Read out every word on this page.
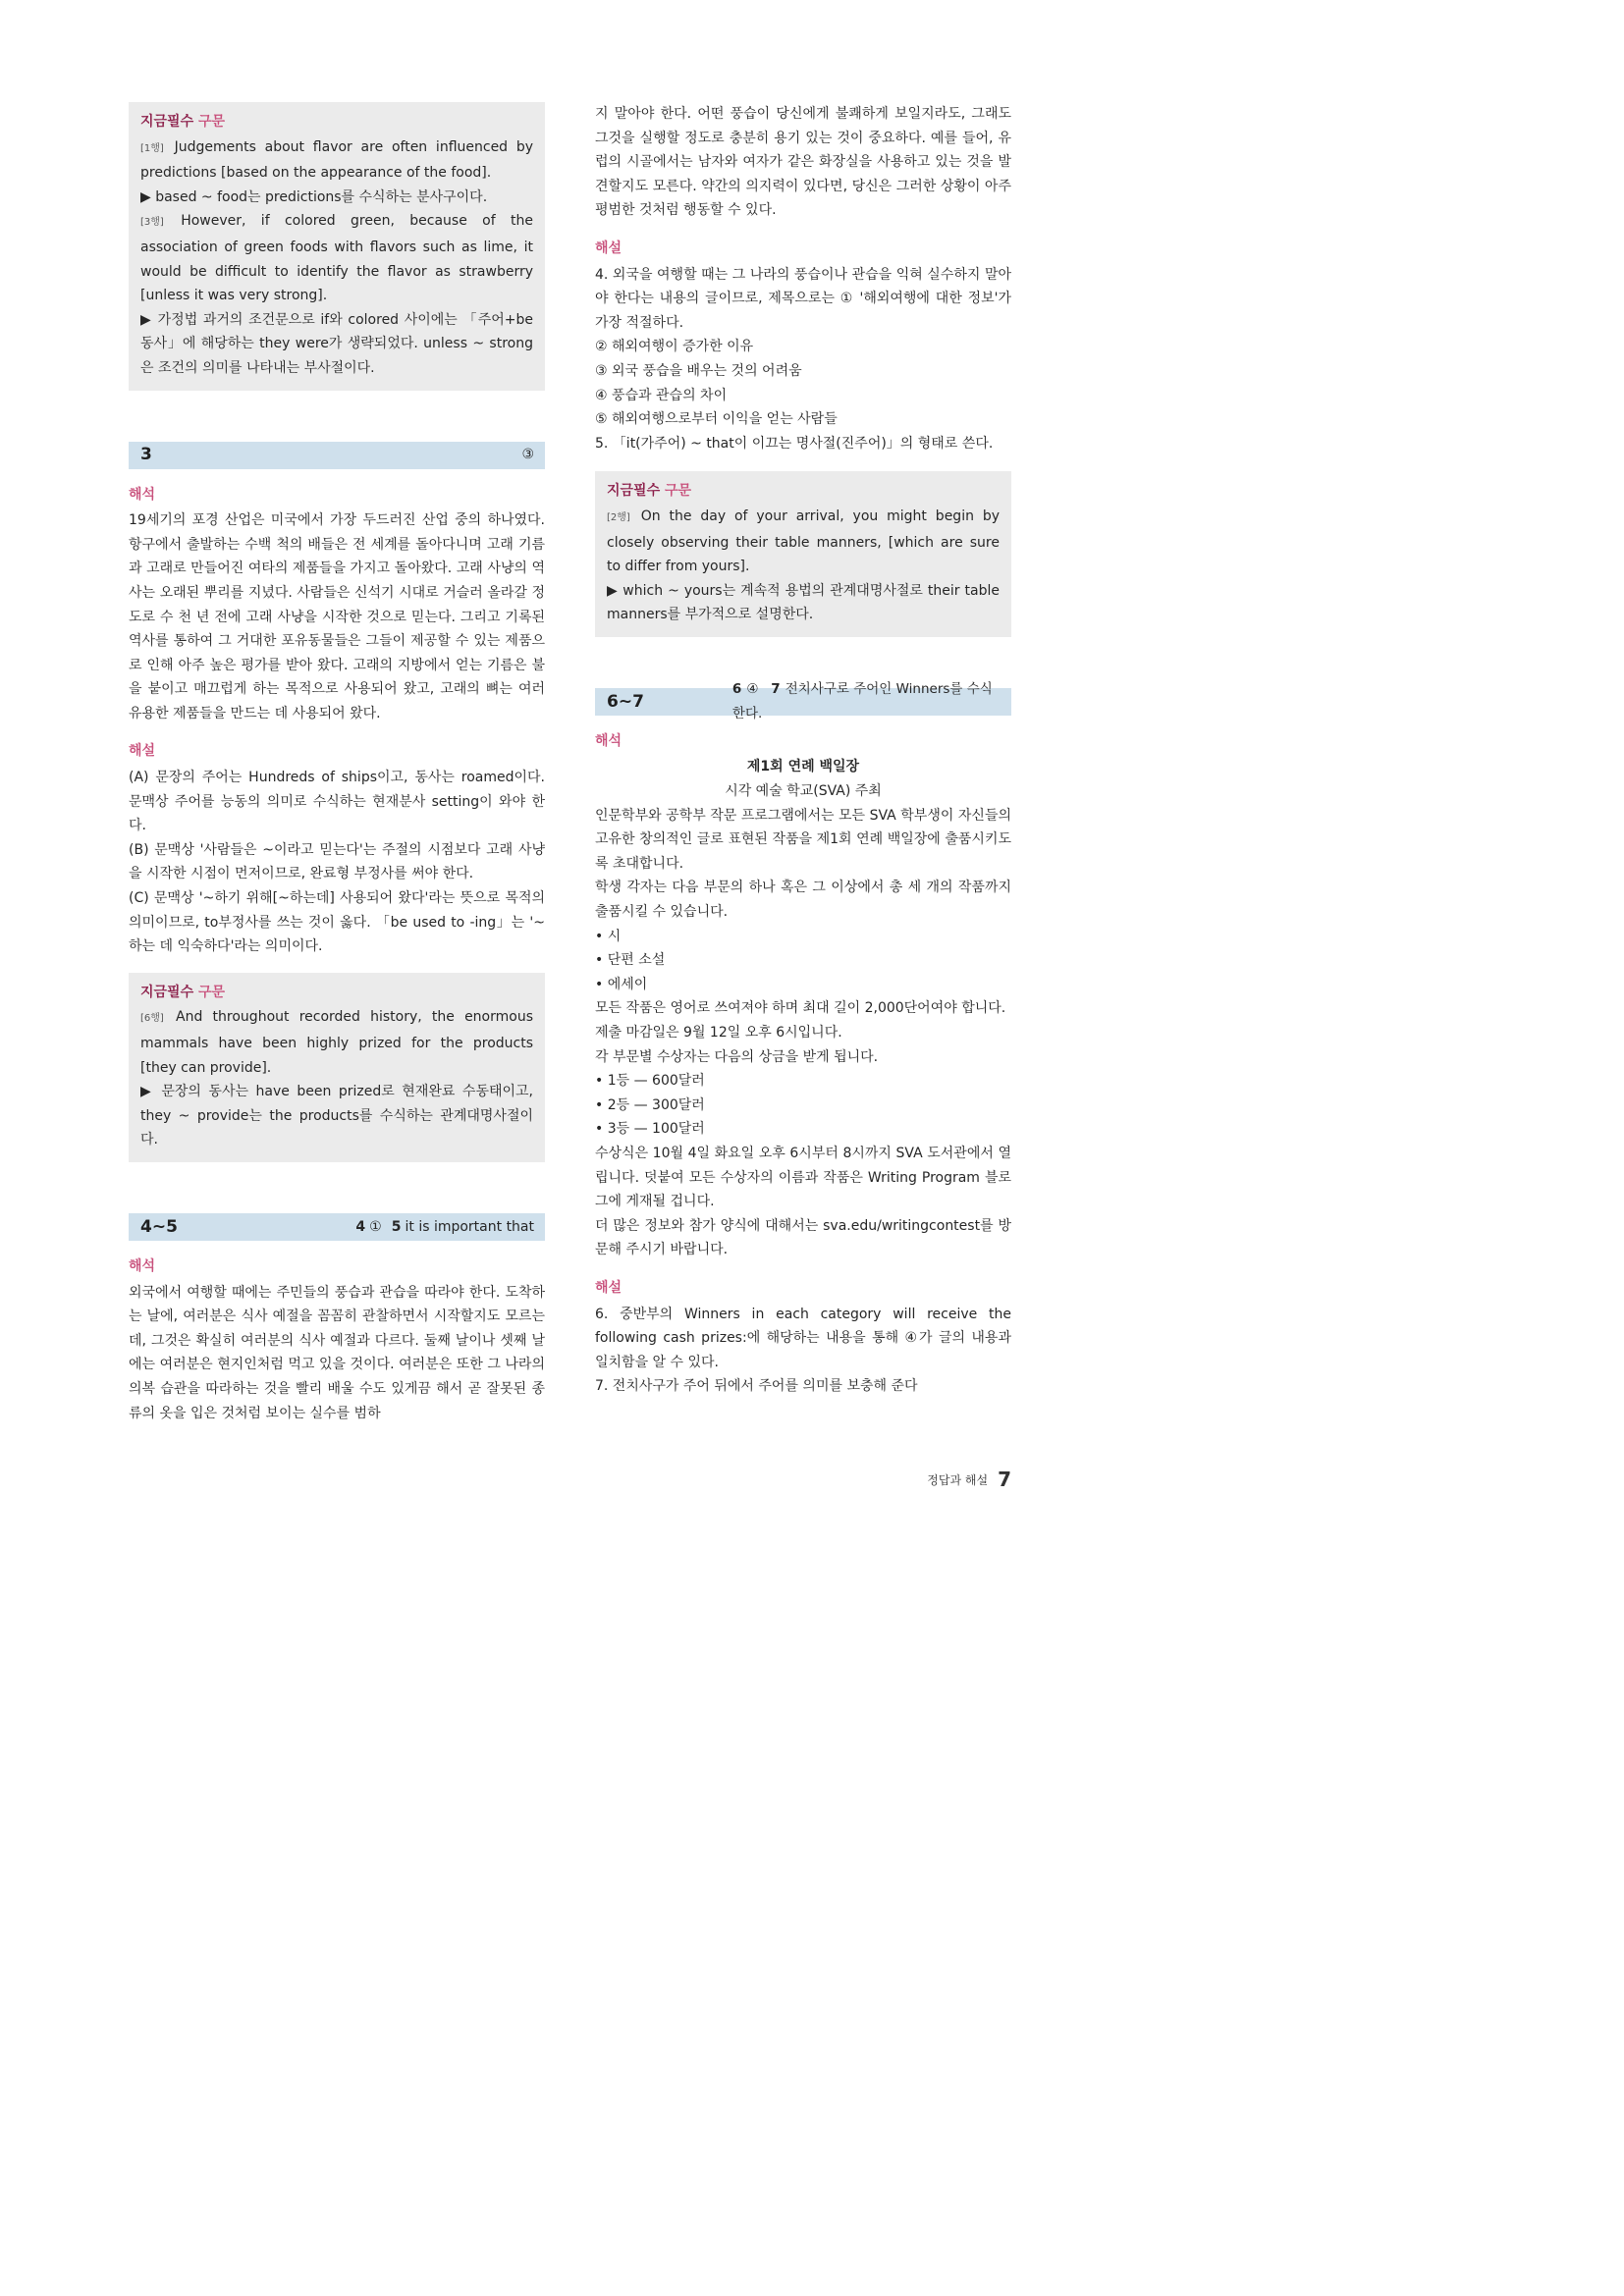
지금필수 구문
[1행] Judgements about flavor are often influenced by predictions [based on the appearance of the food].
▶ based ~ food는 predictions를 수식하는 분사구이다.
[3행] However, if colored green, because of the association of green foods with flavors such as lime, it would be difficult to identify the flavor as strawberry [unless it was very strong].
▶ 가정법 과거의 조건문으로 if와 colored 사이에는 「주어+be동사」에 해당하는 they were가 생략되었다. unless ~ strong은 조건의 의미를 나타내는 부사절이다.
3	③
해석
19세기의 포경 산업은 미국에서 가장 두드러진 산업 중의 하나였다. 항구에서 출발하는 수백 척의 배들은 전 세계를 돌아다니며 고래 기름과 고래로 만들어진 여타의 제품들을 가지고 돌아왔다. 고래 사냥의 역사는 오래된 뿌리를 지녔다. 사람들은 신석기 시대로 거슬러 올라갈 정도로 수 천 년 전에 고래 사냥을 시작한 것으로 믿는다. 그리고 기록된 역사를 통하여 그 거대한 포유동물들은 그들이 제공할 수 있는 제품으로 인해 아주 높은 평가를 받아 왔다. 고래의 지방에서 얻는 기름은 불을 붙이고 매끄럽게 하는 목적으로 사용되어 왔고, 고래의 뼈는 여러 유용한 제품들을 만드는 데 사용되어 왔다.
해설
(A) 문장의 주어는 Hundreds of ships이고, 동사는 roamed이다. 문맥상 주어를 능동의 의미로 수식하는 현재분사 setting이 와야 한다.
(B) 문맥상 '사람들은 ~이라고 믿는다'는 주절의 시점보다 고래 사냥을 시작한 시점이 먼저이므로, 완료형 부정사를 써야 한다.
(C) 문맥상 '~하기 위해[~하는데] 사용되어 왔다'라는 뜻으로 목적의 의미이므로, to부정사를 쓰는 것이 옳다. 「be used to -ing」는 '~하는 데 익숙하다'라는 의미이다.
지금필수 구문
[6행] And throughout recorded history, the enormous mammals have been highly prized for the products [they can provide].
▶ 문장의 동사는 have been prized로 현재완료 수동태이고, they ~ provide는 the products를 수식하는 관계대명사절이다.
4~5	4 ① 5 it is important that
해석
외국에서 여행할 때에는 주민들의 풍습과 관습을 따라야 한다. 도착하는 날에, 여러분은 식사 예절을 꼼꼼히 관찰하면서 시작할지도 모르는데, 그것은 확실히 여러분의 식사 예절과 다르다. 둘째 날이나 셋째 날에는 여러분은 현지인처럼 먹고 있을 것이다. 여러분은 또한 그 나라의 의복 습관을 따라하는 것을 빨리 배울 수도 있게끔 해서 곧 잘못된 종류의 옷을 입은 것처럼 보이는 실수를 범하
지 말아야 한다. 어떤 풍습이 당신에게 불쾌하게 보일지라도, 그래도 그것을 실행할 정도로 충분히 용기 있는 것이 중요하다. 예를 들어, 유럽의 시골에서는 남자와 여자가 같은 화장실을 사용하고 있는 것을 발견할지도 모른다. 약간의 의지력이 있다면, 당신은 그러한 상황이 아주 평범한 것처럼 행동할 수 있다.
해설
4. 외국을 여행할 때는 그 나라의 풍습이나 관습을 익혀 실수하지 말아야 한다는 내용의 글이므로, 제목으로는 ① '해외여행에 대한 정보'가 가장 적절하다.
② 해외여행이 증가한 이유
③ 외국 풍습을 배우는 것의 어려움
④ 풍습과 관습의 차이
⑤ 해외여행으로부터 이익을 얻는 사람들
5. 「it(가주어) ~ that이 이끄는 명사절(진주어)」의 형태로 쓴다.
지금필수 구문
[2행] On the day of your arrival, you might begin by closely observing their table manners, [which are sure to differ from yours].
▶ which ~ yours는 계속적 용법의 관계대명사절로 their table manners를 부가적으로 설명한다.
6~7
6 ④ 7 전치사구로 주어인 Winners를 수식한다.
해석
제1회 연례 백일장
시각 예술 학교(SVA) 주최
인문학부와 공학부 작문 프로그램에서는 모든 SVA 학부생이 자신들의 고유한 창의적인 글로 표현된 작품을 제1회 연례 백일장에 출품시키도록 초대합니다.
학생 각자는 다음 부문의 하나 혹은 그 이상에서 총 세 개의 작품까지 출품시킬 수 있습니다.
• 시
• 단편 소설
• 에세이
모든 작품은 영어로 쓰여져야 하며 최대 길이 2,000단어여야 합니다.
제출 마감일은 9월 12일 오후 6시입니다.
각 부문별 수상자는 다음의 상금을 받게 됩니다.
• 1등 — 600달러
• 2등 — 300달러
• 3등 — 100달러
수상식은 10월 4일 화요일 오후 6시부터 8시까지 SVA 도서관에서 열립니다. 덧붙여 모든 수상자의 이름과 작품은 Writing Program 블로그에 게재될 겁니다.
더 많은 정보와 참가 양식에 대해서는 sva.edu/writingcontest를 방문해 주시기 바랍니다.
해설
6. 중반부의 Winners in each category will receive the following cash prizes:에 해당하는 내용을 통해 ④가 글의 내용과 일치함을 알 수 있다.
7. 전치사구가 주어 뒤에서 주어를 의미를 보충해 준다
정답과 해설 7
